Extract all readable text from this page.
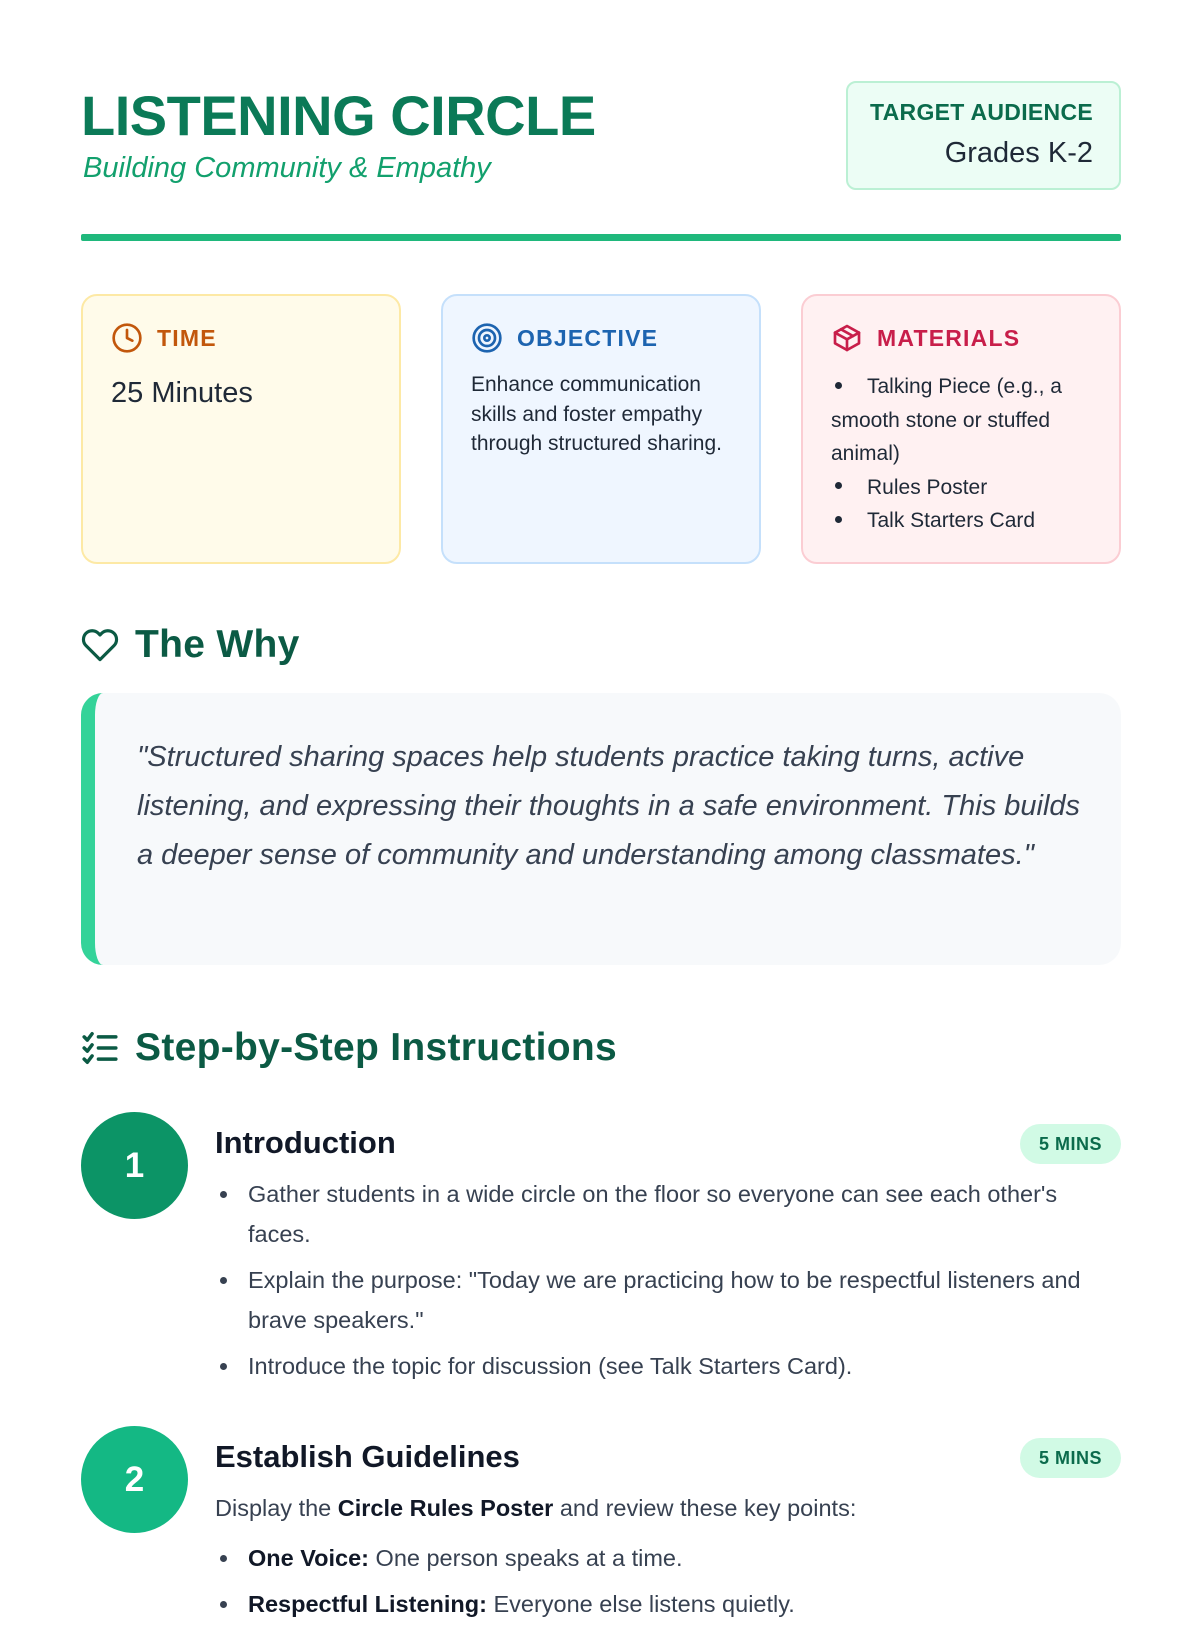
LISTENING CIRCLE
Building Community & Empathy
TARGET AUDIENCE
Grades K-2
TIME
25 Minutes
OBJECTIVE
Enhance communication skills and foster empathy through structured sharing.
MATERIALS
Talking Piece (e.g., a smooth stone or stuffed animal)
Rules Poster
Talk Starters Card
The Why

"Structured sharing spaces help students practice taking turns, active listening, and expressing their thoughts in a safe environment. This builds a deeper sense of community and understanding among classmates."

Step-by-Step Instructions
1
Introduction	5 MINS
Gather students in a wide circle on the floor so everyone can see each other's faces.
Explain the purpose: "Today we are practicing how to be respectful listeners and brave speakers."
Introduce the topic for discussion (see Talk Starters Card).
2
Establish Guidelines	5 MINS

Display the Circle Rules Poster and review these key points:

One Voice: One person speaks at a time.
Respectful Listening: Everyone else listens quietly.
